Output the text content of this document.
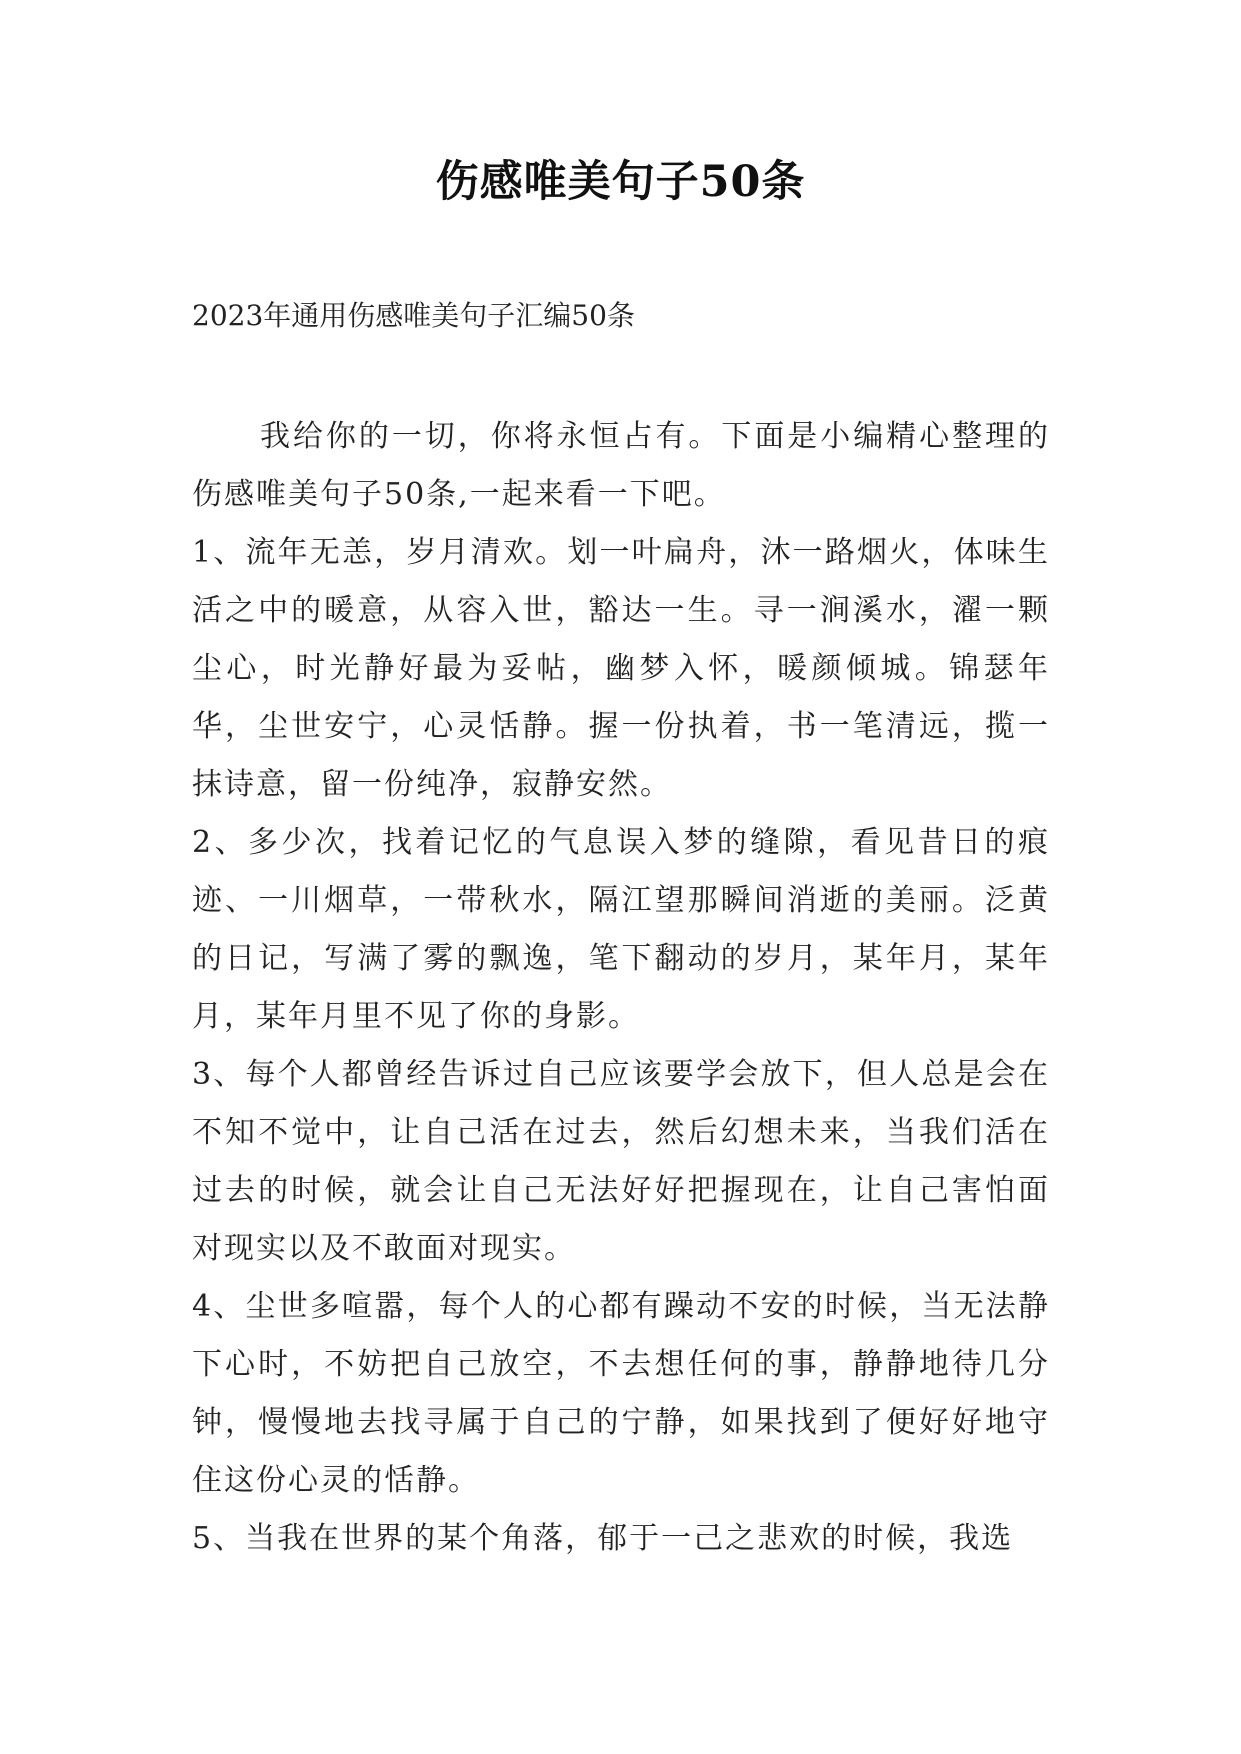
伤感唯美句子50条
2023年通用伤感唯美句子汇编50条

我给你的一切，你将永恒占有。下面是小编精心整理的伤感唯美句子50条,一起来看一下吧。

1、流年无恙，岁月清欢。划一叶扁舟，沐一路烟火，体味生活之中的暖意，从容入世，豁达一生。寻一涧溪水，濯一颗尘心，时光静好最为妥帖，幽梦入怀，暖颜倾城。锦瑟年华，尘世安宁，心灵恬静。握一份执着，书一笔清远，揽一抹诗意，留一份纯净，寂静安然。

2、多少次，找着记忆的气息误入梦的缝隙，看见昔日的痕迹、一川烟草，一带秋水，隔江望那瞬间消逝的美丽。泛黄的日记，写满了雾的飘逸，笔下翻动的岁月，某年月，某年月，某年月里不见了你的身影。

3、每个人都曾经告诉过自己应该要学会放下，但人总是会在不知不觉中，让自己活在过去，然后幻想未来，当我们活在过去的时候，就会让自己无法好好把握现在，让自己害怕面对现实以及不敢面对现实。

4、尘世多喧嚣，每个人的心都有躁动不安的时候，当无法静下心时，不妨把自己放空，不去想任何的事，静静地待几分钟，慢慢地去找寻属于自己的宁静，如果找到了便好好地守住这份心灵的恬静。

5、当我在世界的某个角落，郁于一己之悲欢的时候，我选
